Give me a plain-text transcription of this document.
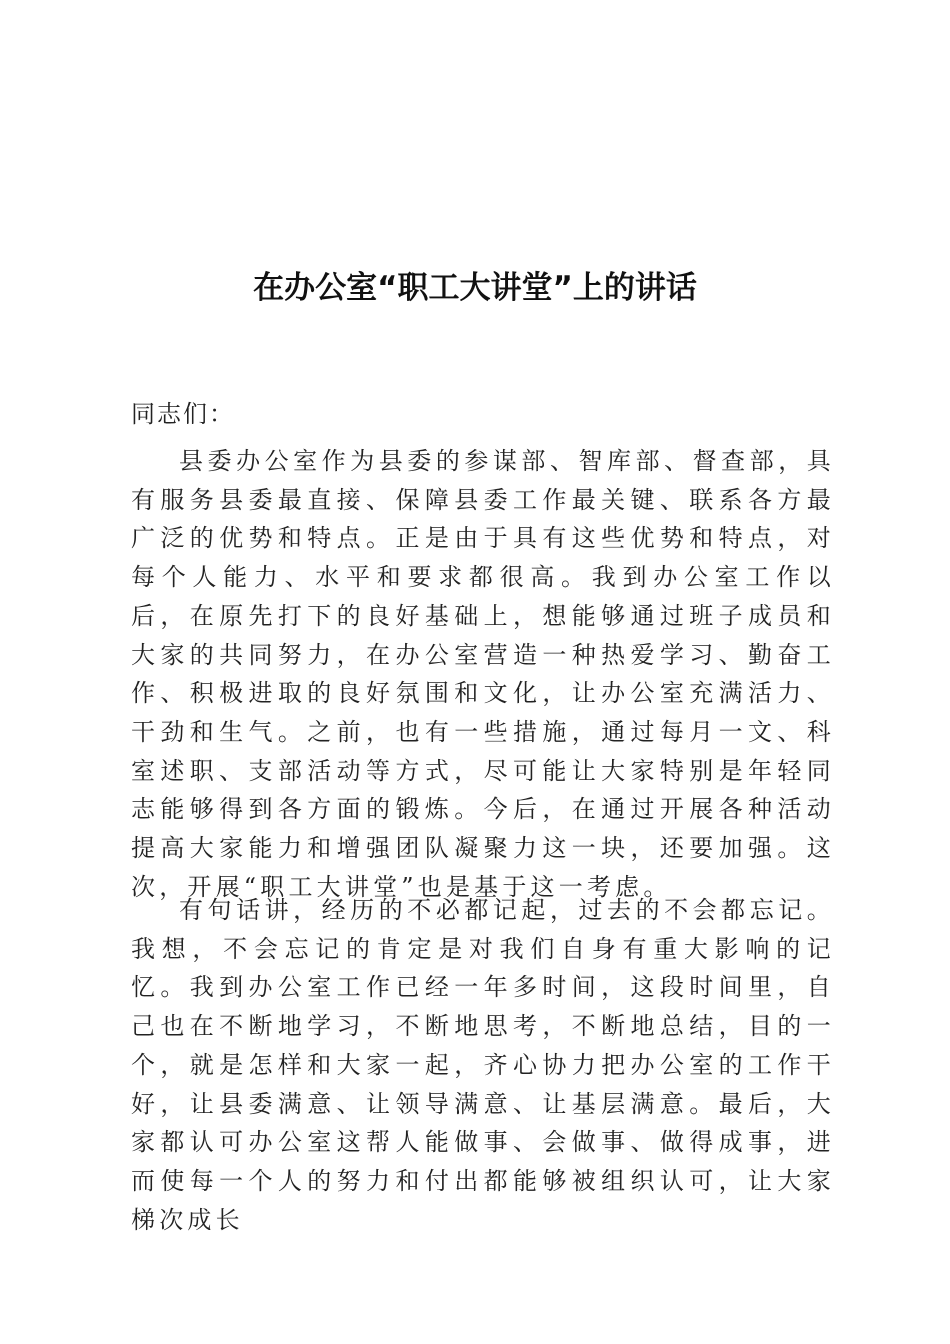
在办公室“职工大讲堂”上的讲话
同志们：

县委办公室作为县委的参谋部、智库部、督查部，具有服务县委最直接、保障县委工作最关键、联系各方最广泛的优势和特点。正是由于具有这些优势和特点，对每个人能力、水平和要求都很高。我到办公室工作以后，在原先打下的良好基础上，想能够通过班子成员和大家的共同努力，在办公室营造一种热爱学习、勤奋工作、积极进取的良好氛围和文化，让办公室充满活力、干劲和生气。之前，也有一些措施，通过每月一文、科室述职、支部活动等方式，尽可能让大家特别是年轻同志能够得到各方面的锻炼。今后，在通过开展各种活动提高大家能力和增强团队凝聚力这一块，还要加强。这次，开展“职工大讲堂”也是基于这一考虑。

有句话讲，经历的不必都记起，过去的不会都忘记。我想，不会忘记的肯定是对我们自身有重大影响的记忆。我到办公室工作已经一年多时间，这段时间里，自己也在不断地学习，不断地思考，不断地总结，目的一个，就是怎样和大家一起，齐心协力把办公室的工作干好，让县委满意、让领导满意、让基层满意。最后，大家都认可办公室这帮人能做事、会做事、做得成事，进而使每一个人的努力和付出都能够被组织认可，让大家梯次成长
